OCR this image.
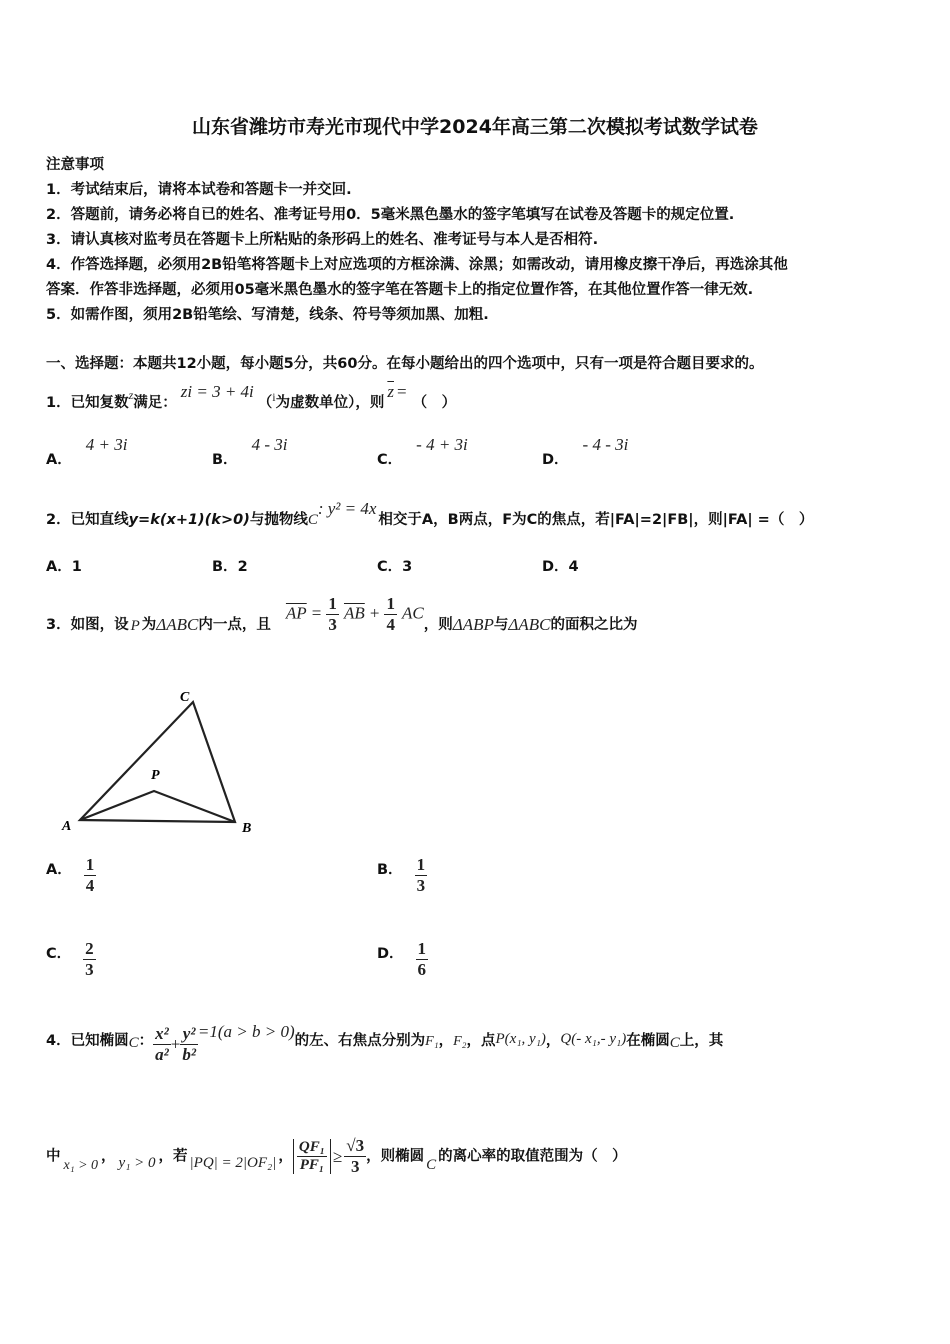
山东省潍坊市寿光市现代中学2024年高三第二次模拟考试数学试卷
注意事项
1．考试结束后，请将本试卷和答题卡一并交回.
2．答题前，请务必将自已的姓名、准考证号用0．5毫米黑色墨水的签字笔填写在试卷及答题卡的规定位置.
3．请认真核对监考员在答题卡上所粘贴的条形码上的姓名、准考证号与本人是否相符.
4．作答选择题，必须用2B铅笔将答题卡上对应选项的方框涂满、涂黑；如需改动，请用橡皮擦干净后，再选涂其他
答案．作答非选择题，必须用05毫米黑色墨水的签字笔在答题卡上的指定位置作答，在其他位置作答一律无效.
5．如需作图，须用2B铅笔绘、写清楚，线条、符号等须加黑、加粗.
一、选择题：本题共12小题，每小题5分，共60分。在每小题给出的四个选项中，只有一项是符合题目要求的。
1．已知复数$^z$满足：zi = 3 + 4i（$^i$为虚数单位），则$\overline{z}$ =（　）
A．4 + 3i
B．4 - 3i
C．- 4 + 3i
D．- 4 - 3i
2．已知直线y=k(x+1)(k>0)与抛物线C: y² = 4x相交于A，B两点，F为C的焦点，若|FA|=2|FB|，则|FA| =（　）
A．1	B．2	C．3	D．4
3．如图，设 P 为ΔABC内一点，且 $\overline{AP} = \frac{1}{3} \overline{AB} + \frac{1}{4}$ AC，则ΔABP与ΔABC的面积之比为
C
P
A	B
A． $\frac{1}{4}$	B． $\frac{1}{3}$
C． $\frac{2}{3}$	D． $\frac{1}{6}$
4．已知椭圆C： $\frac{\text{x²}}{\text{a²}} + \frac{\text{y²}}{\text{b²}} =1(a > b > 0)$的左、右焦点分别为F₁，F₂，点P(x₁, y₁)，Q(- x₁,- y₁)在椭圆C上，其
中x₁ > 0， y₁ > 0 ，若 |PQ| = 2|OF₂| ， $\frac{\text{QF₁}}{\text{PF₁}} \ge \frac{√3}{3}$ ，则椭圆 C 的离心率的取值范围为（　）
